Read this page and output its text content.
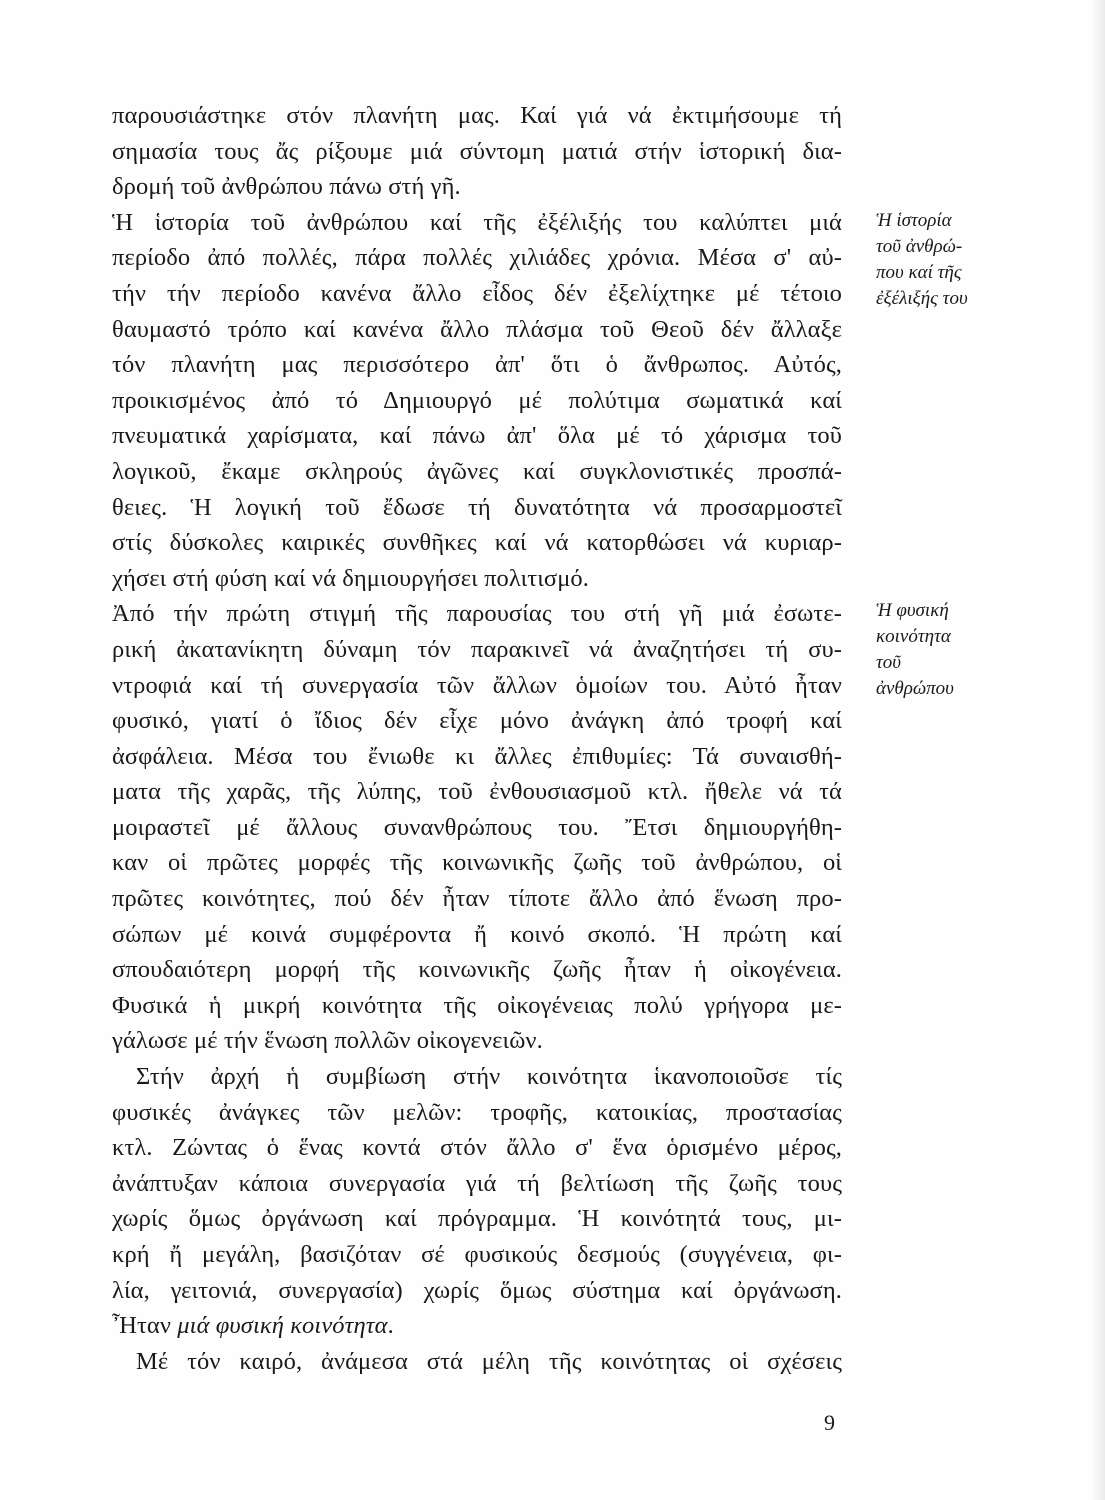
παρουσιάστηκε στόν πλανήτη μας. Καί γιά νά ἐκτιμήσουμε τή
σημασία τους ἄς ρίξουμε μιά σύντομη ματιά στήν ἱστορική δια-
δρομή τοῦ ἀνθρώπου πάνω στή γῆ.
Ἡ ἱστορία τοῦ ἀνθρώπου καί τῆς ἐξέλιξής του καλύπτει μιά
περίοδο ἀπό πολλές, πάρα πολλές χιλιάδες χρόνια. Μέσα σ' αὐ-
τήν τήν περίοδο κανένα ἄλλο εἶδος δέν ἐξελίχτηκε μέ τέτοιο
θαυμαστό τρόπο καί κανένα ἄλλο πλάσμα τοῦ Θεοῦ δέν ἄλλαξε
τόν πλανήτη μας περισσότερο ἀπ' ὅτι ὁ ἄνθρωπος. Αὐτός,
προικισμένος ἀπό τό Δημιουργό μέ πολύτιμα σωματικά καί
πνευματικά χαρίσματα, καί πάνω ἀπ' ὅλα μέ τό χάρισμα τοῦ
λογικοῦ, ἔκαμε σκληρούς ἀγῶνες καί συγκλονιστικές προσπά-
θειες. Ἡ λογική τοῦ ἔδωσε τή δυνατότητα νά προσαρμοστεῖ
στίς δύσκολες καιρικές συνθῆκες καί νά κατορθώσει νά κυριαρ-
χήσει στή φύση καί νά δημιουργήσει πολιτισμό.
Ἀπό τήν πρώτη στιγμή τῆς παρουσίας του στή γῆ μιά ἐσωτε-
ρική ἀκατανίκητη δύναμη τόν παρακινεῖ νά ἀναζητήσει τή συ-
ντροφιά καί τή συνεργασία τῶν ἄλλων ὁμοίων του. Αὐτό ἦταν
φυσικό, γιατί ὁ ἴδιος δέν εἶχε μόνο ἀνάγκη ἀπό τροφή καί
ἀσφάλεια. Μέσα του ἔνιωθε κι ἄλλες ἐπιθυμίες: Τά συναισθή-
ματα τῆς χαρᾶς, τῆς λύπης, τοῦ ἐνθουσιασμοῦ κτλ. ἤθελε νά τά
μοιραστεῖ μέ ἄλλους συνανθρώπους του. Ἔτσι δημιουργήθη-
καν οἱ πρῶτες μορφές τῆς κοινωνικῆς ζωῆς τοῦ ἀνθρώπου, οἱ
πρῶτες κοινότητες, πού δέν ἦταν τίποτε ἄλλο ἀπό ἕνωση προ-
σώπων μέ κοινά συμφέροντα ἤ κοινό σκοπό. Ἡ πρώτη καί
σπουδαιότερη μορφή τῆς κοινωνικῆς ζωῆς ἦταν ἡ οἰκογένεια.
Φυσικά ἡ μικρή κοινότητα τῆς οἰκογένειας πολύ γρήγορα με-
γάλωσε μέ τήν ἕνωση πολλῶν οἰκογενειῶν.
Στήν ἀρχή ἡ συμβίωση στήν κοινότητα ἱκανοποιοῦσε τίς
φυσικές ἀνάγκες τῶν μελῶν: τροφῆς, κατοικίας, προστασίας
κτλ. Ζώντας ὁ ἕνας κοντά στόν ἄλλο σ' ἕνα ὁρισμένο μέρος,
ἀνάπτυξαν κάποια συνεργασία γιά τή βελτίωση τῆς ζωῆς τους
χωρίς ὅμως ὀργάνωση καί πρόγραμμα. Ἡ κοινότητά τους, μι-
κρή ἤ μεγάλη, βασιζόταν σέ φυσικούς δεσμούς (συγγένεια, φι-
λία, γειτονιά, συνεργασία) χωρίς ὅμως σύστημα καί ὀργάνωση.
Ἦταν μιά φυσική κοινότητα.
Μέ τόν καιρό, ἀνάμεσα στά μέλη τῆς κοινότητας οἱ σχέσεις
Ἡ ἱστορία
τοῦ ἀνθρώ-
που καί τῆς
ἐξέλιξής του
Ἡ φυσική
κοινότητα
τοῦ
ἀνθρώπου
9
